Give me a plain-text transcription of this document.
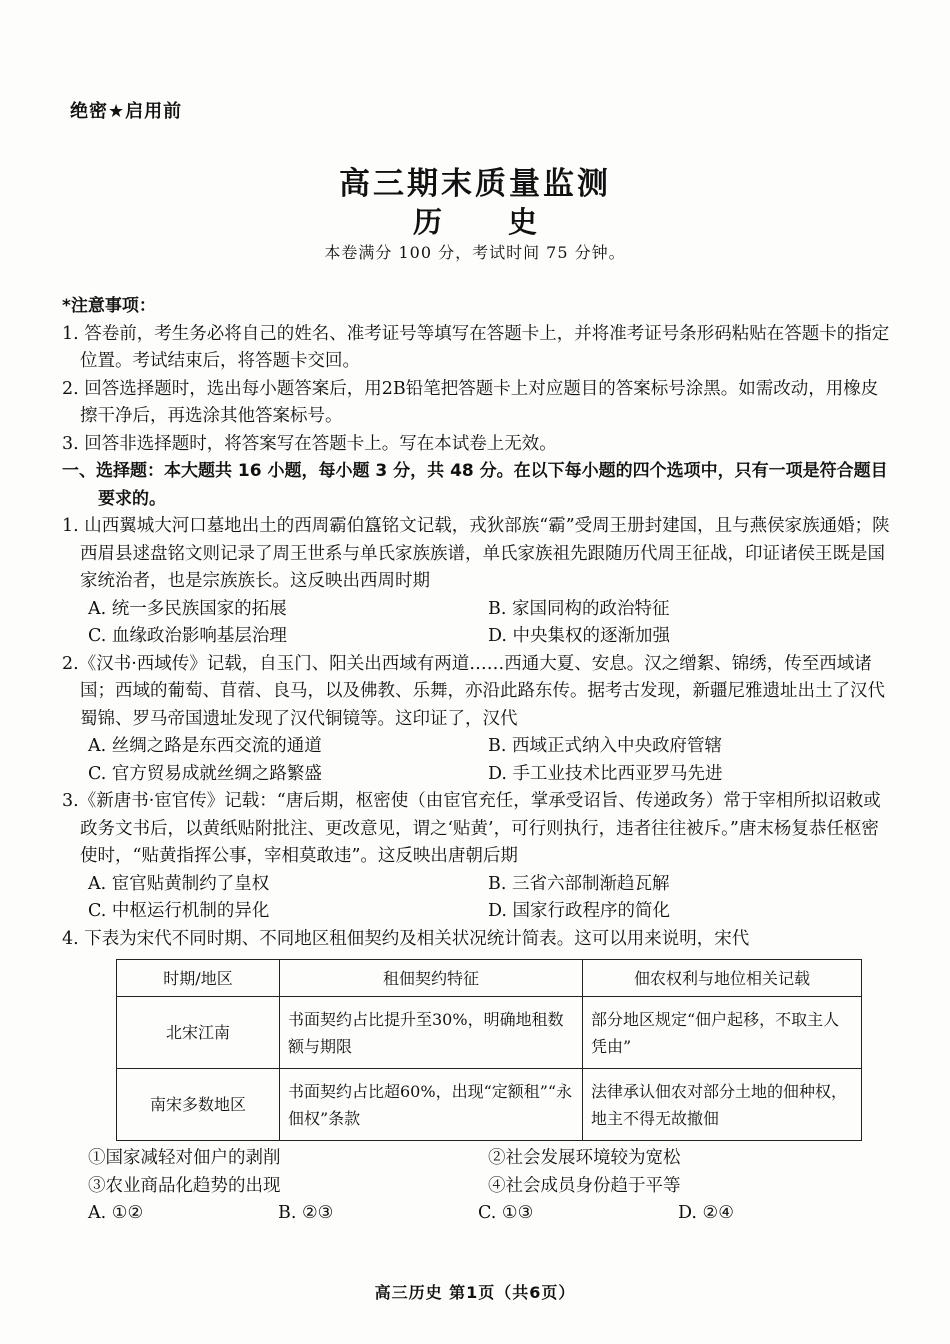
绝密★启用前
高三期末质量监测
历 史
本卷满分 100 分，考试时间 75 分钟。
*注意事项：
1. 答卷前，考生务必将自己的姓名、准考证号等填写在答题卡上，并将准考证号条形码粘贴在答题卡的指定位置。考试结束后，将答题卡交回。
2. 回答选择题时，选出每小题答案后，用2B铅笔把答题卡上对应题目的答案标号涂黑。如需改动，用橡皮擦干净后，再选涂其他答案标号。
3. 回答非选择题时，将答案写在答题卡上。写在本试卷上无效。
一、选择题：本大题共 16 小题，每小题 3 分，共 48 分。在以下每小题的四个选项中，只有一项是符合题目要求的。
1. 山西翼城大河口墓地出土的西周霸伯簋铭文记载，戎狄部族“霸”受周王册封建国，且与燕侯家族通婚；陕西眉县逑盘铭文则记录了周王世系与单氏家族族谱，单氏家族祖先跟随历代周王征战，印证诸侯王既是国家统治者，也是宗族族长。这反映出西周时期
A. 统一多民族国家的拓展	B. 家国同构的政治特征
C. 血缘政治影响基层治理	D. 中央集权的逐渐加强
2.《汉书·西域传》记载，自玉门、阳关出西域有两道……西通大夏、安息。汉之缯絮、锦绣，传至西域诸国；西域的葡萄、苜蓿、良马，以及佛教、乐舞，亦沿此路东传。据考古发现，新疆尼雅遗址出土了汉代蜀锦、罗马帝国遗址发现了汉代铜镜等。这印证了，汉代
A. 丝绸之路是东西交流的通道	B. 西域正式纳入中央政府管辖
C. 官方贸易成就丝绸之路繁盛	D. 手工业技术比西亚罗马先进
3.《新唐书·宦官传》记载：“唐后期，枢密使（由宦官充任，掌承受诏旨、传递政务）常于宰相所拟诏敕或政务文书后，以黄纸贴附批注、更改意见，谓之‘贴黄’，可行则执行，违者往往被斥。”唐末杨复恭任枢密使时，“贴黄指挥公事，宰相莫敢违”。这反映出唐朝后期
A. 宦官贴黄制约了皇权	B. 三省六部制渐趋瓦解
C. 中枢运行机制的异化	D. 国家行政程序的简化
4. 下表为宋代不同时期、不同地区租佃契约及相关状况统计简表。这可以用来说明，宋代
时期/地区	租佃契约特征	佃农权利与地位相关记载
北宋江南	书面契约占比提升至30%，明确地租数额与期限	部分地区规定“佃户起移，不取主人凭由”
南宋多数地区	书面契约占比超60%，出现“定额租”“永佃权”条款	法律承认佃农对部分土地的佃种权，地主不得无故撤佃
①国家减轻对佃户的剥削	②社会发展环境较为宽松
③农业商品化趋势的出现	④社会成员身份趋于平等
A. ①②	B. ②③	C. ①③	D. ②④
高三历史 第1页（共6页）
